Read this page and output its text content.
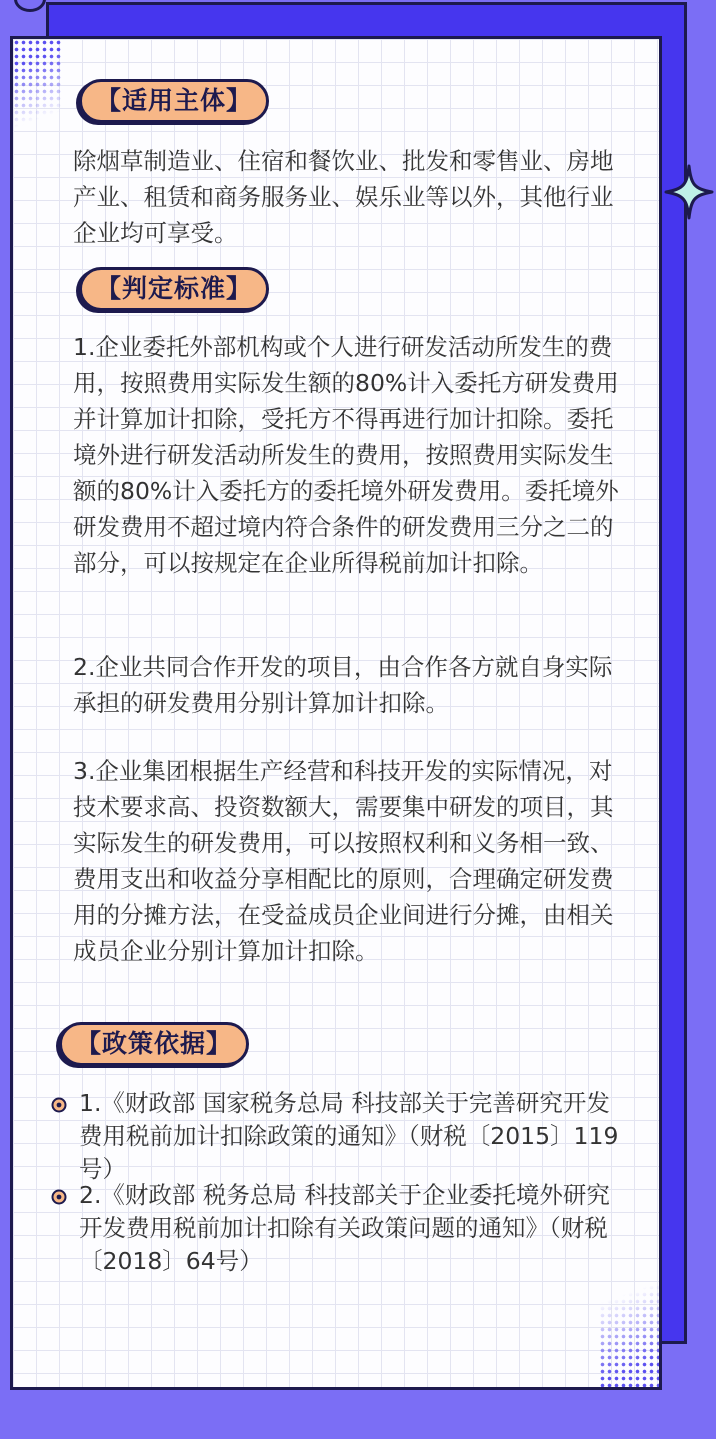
【适用主体】

除烟草制造业、住宿和餐饮业、批发和零售业、房地产业、租赁和商务服务业、娱乐业等以外，其他行业企业均可享受。

【判定标准】

1.企业委托外部机构或个人进行研发活动所发生的费用，按照费用实际发生额的80%计入委托方研发费用并计算加计扣除，受托方不得再进行加计扣除。委托境外进行研发活动所发生的费用，按照费用实际发生额的80%计入委托方的委托境外研发费用。委托境外研发费用不超过境内符合条件的研发费用三分之二的部分，可以按规定在企业所得税前加计扣除。

2.企业共同合作开发的项目，由合作各方就自身实际承担的研发费用分别计算加计扣除。

3.企业集团根据生产经营和科技开发的实际情况，对技术要求高、投资数额大，需要集中研发的项目，其实际发生的研发费用，可以按照权利和义务相一致、费用支出和收益分享相配比的原则，合理确定研发费用的分摊方法，在受益成员企业间进行分摊，由相关成员企业分别计算加计扣除。

【政策依据】

1.《财政部 国家税务总局 科技部关于完善研究开发费用税前加计扣除政策的通知》（财税〔2015〕119号）

2.《财政部 税务总局 科技部关于企业委托境外研究开发费用税前加计扣除有关政策问题的通知》（财税〔2018〕64号）
